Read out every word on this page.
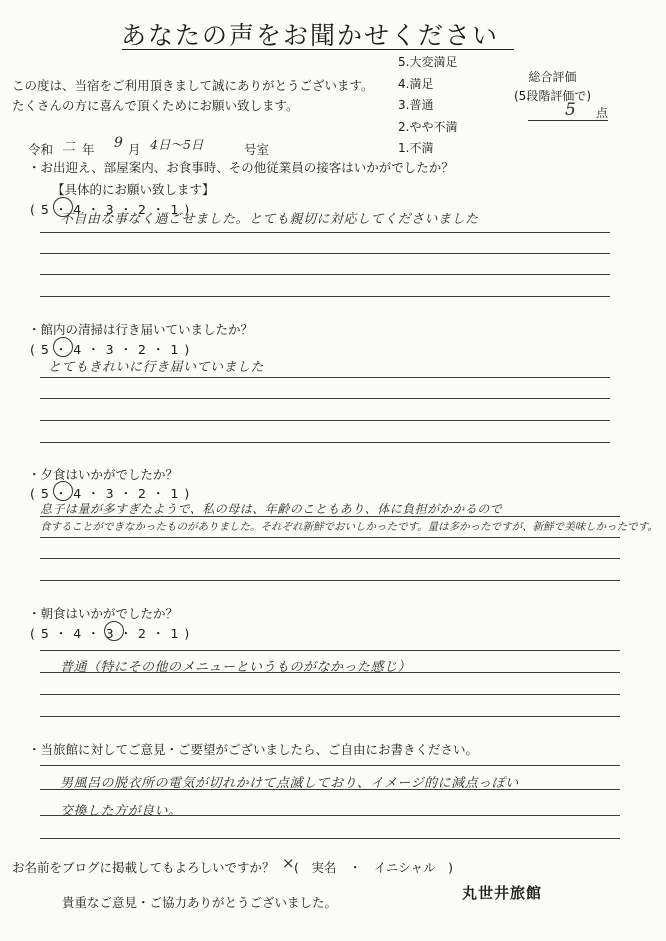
あなたの声をお聞かせください
この度は、当宿をご利用頂きまして誠にありがとうございます。
たくさんの方に喜んで頂くためにお願い致します。
5.大変満足
4.満足
3.普通
2.やや不満
1.不満
総合評価
(5段階評価で)
5 点
令和 二 年 9 月 4日～5日	号室
・お出迎え、部屋案内、お食事時、その他従業員の接客はいかがでしたか？
【具体的にお願い致します】
( 5 ・ 4 ・ 3 ・ 2 ・ 1 )
不自由な事なく過ごせました。とても親切に対応してくださいました
・館内の清掃は行き届いていましたか？
( 5 ・ 4 ・ 3 ・ 2 ・ 1 )
とてもきれいに行き届いていました
・夕食はいかがでしたか？
( 5 ・ 4 ・ 3 ・ 2 ・ 1 )
息子は量が多すぎたようで、私の母は、年齢のこともあり、体に負担がかかるので
食することができなかったものがありました。それぞれ新鮮でおいしかったです。量は多かったですが、新鮮で美味しかったです。
・朝食はいかがでしたか？
( 5 ・ 4 ・ 3 ・ 2 ・ 1 )
普通（特にその他のメニューというものがなかった感じ）
・当旅館に対してご意見・ご要望がございましたら、ご自由にお書きください。
男風呂の脱衣所の電気が切れかけて点滅しており、イメージ的に減点っぽい
交換した方が良い。
お名前をブログに掲載してもよろしいですか？ × (　実名　・　イニシャル　)
貴重なご意見・ご協力ありがとうございました。
丸世井旅館
